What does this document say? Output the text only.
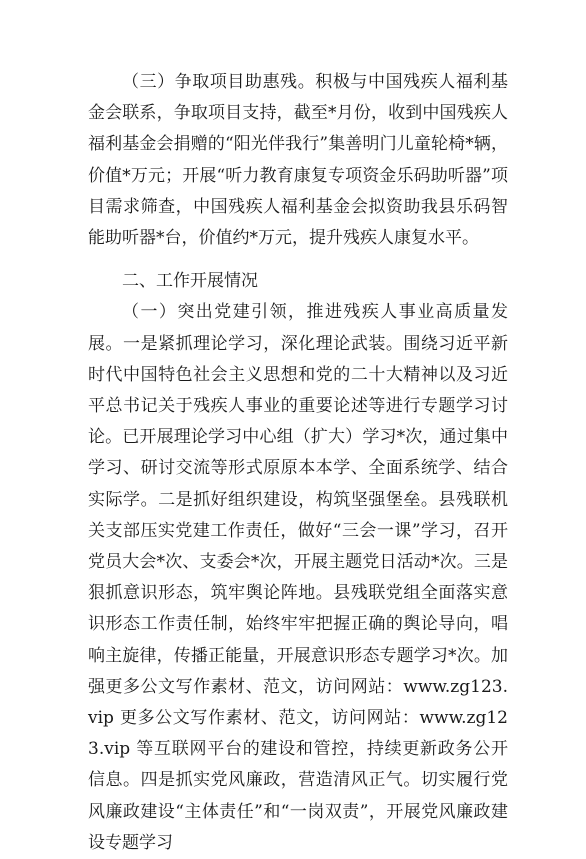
（三）争取项目助惠残。积极与中国残疾人福利基金会联系，争取项目支持，截至*月份，收到中国残疾人福利基金会捐赠的“阳光伴我行”集善明门儿童轮椅*辆，价值*万元；开展“听力教育康复专项资金乐码助听器”项目需求筛查，中国残疾人福利基金会拟资助我县乐码智能助听器*台，价值约*万元，提升残疾人康复水平。

二、工作开展情况

（一）突出党建引领，推进残疾人事业高质量发展。一是紧抓理论学习，深化理论武装。围绕习近平新时代中国特色社会主义思想和党的二十大精神以及习近平总书记关于残疾人事业的重要论述等进行专题学习讨论。已开展理论学习中心组（扩大）学习*次，通过集中学习、研讨交流等形式原原本本学、全面系统学、结合实际学。二是抓好组织建设，构筑坚强堡垒。县残联机关支部压实党建工作责任，做好“三会一课”学习，召开党员大会*次、支委会*次，开展主题党日活动*次。三是狠抓意识形态，筑牢舆论阵地。县残联党组全面落实意识形态工作责任制，始终牢牢把握正确的舆论导向，唱响主旋律，传播正能量，开展意识形态专题学习*次。加强更多公文写作素材、范文，访问网站：www.zg123.vip 更多公文写作素材、范文，访问网站：www.zg123.vip 等互联网平台的建设和管控，持续更新政务公开信息。四是抓实党风廉政，营造清风正气。切实履行党风廉政建设“主体责任”和“一岗双责”，开展党风廉政建设专题学习
